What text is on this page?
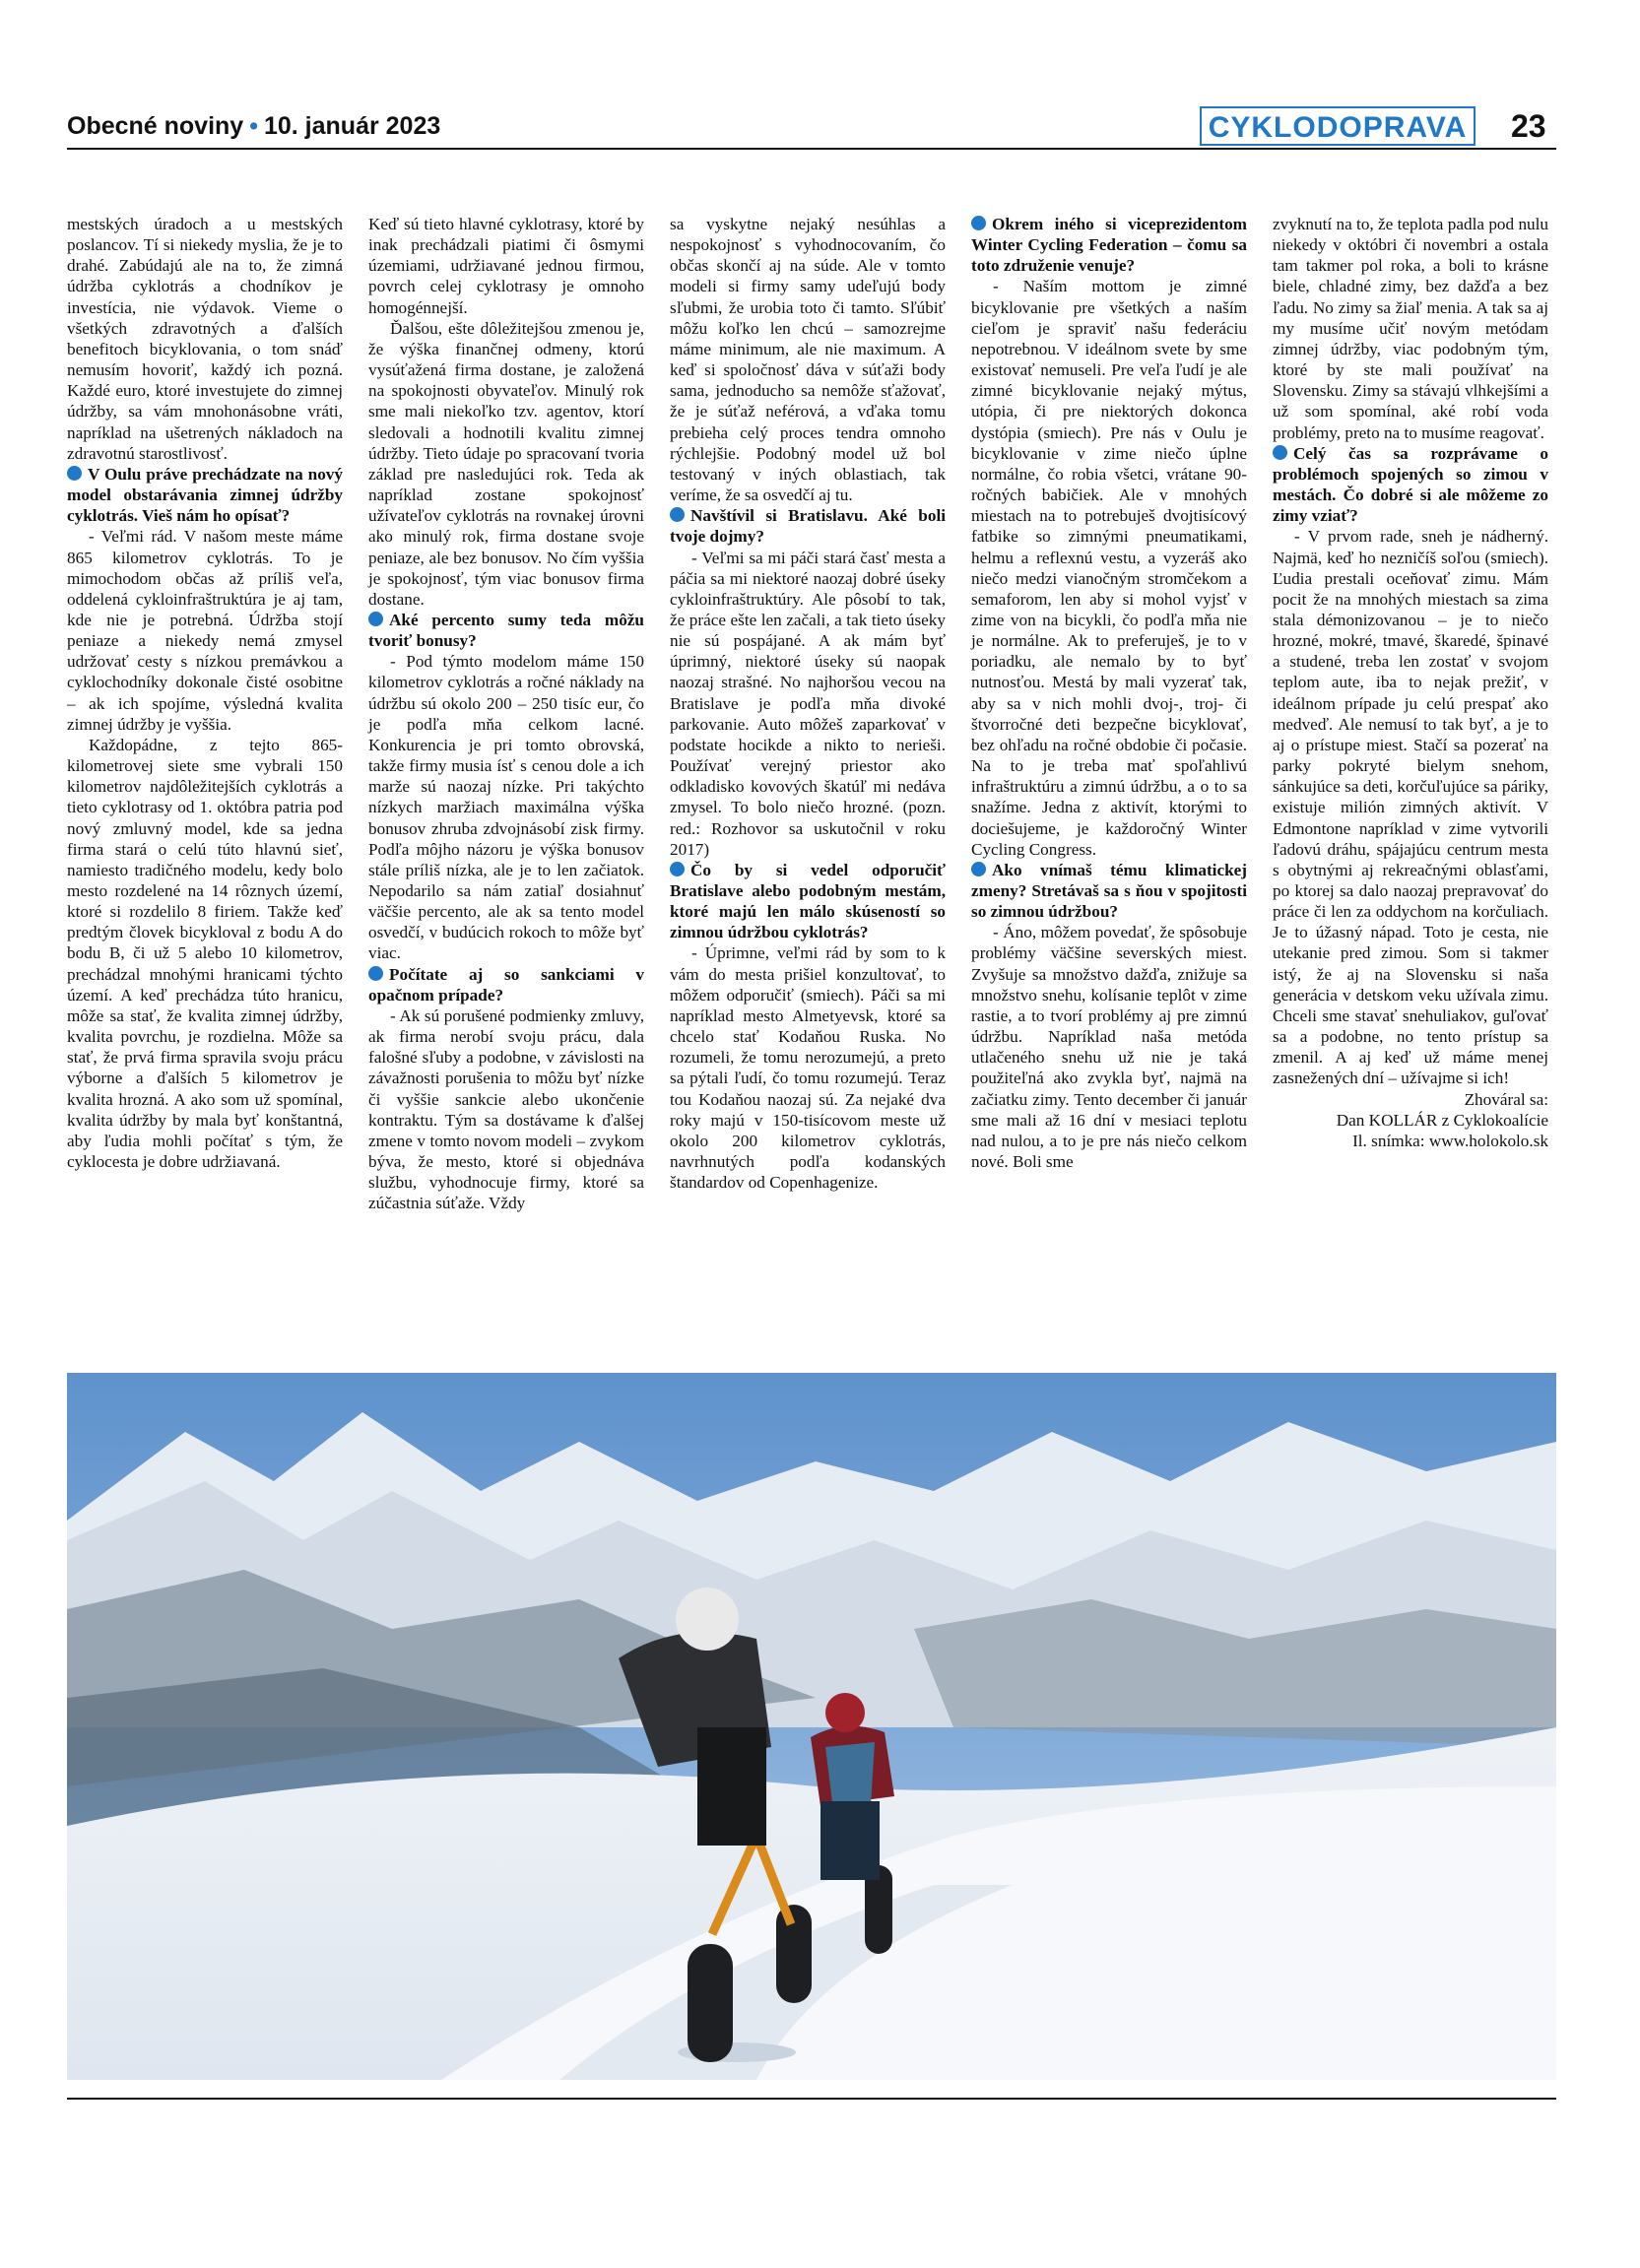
Obecné noviny • 10. január 2023	CYKLODOPRAVA 23

mestských úradoch a u mestských poslancov. Tí si niekedy myslia, že je to drahé. Zabúdajú ale na to, že zimná údržba cyklotrás a chodníkov je investícia, nie výdavok. Vieme o všetkých zdravotných a ďalších benefitoch bicyklovania, o tom snáď nemusím hovoriť, každý ich pozná. Každé euro, ktoré investujete do zimnej údržby, sa vám mnohonásobne vráti, napríklad na ušetrených nákladoch na zdravotnú starostlivosť.

V Oulu práve prechádzate na nový model obstarávania zimnej údržby cyklotrás. Vieš nám ho opísať?

- Veľmi rád. V našom meste máme 865 kilometrov cyklotrás. To je mimochodom občas až príliš veľa, oddelená cykloinfraštruktúra je aj tam, kde nie je potrebná. Údržba stojí peniaze a niekedy nemá zmysel udržovať cesty s nízkou premávkou a cyklochodníky dokonale čisté osobitne – ak ich spojíme, výsledná kvalita zimnej údržby je vyššia.

Každopádne, z tejto 865-kilometrovej siete sme vybrali 150 kilometrov najdôležitejších cyklotrás a tieto cyklotrasy od 1. októbra patria pod nový zmluvný model, kde sa jedna firma stará o celú túto hlavnú sieť, namiesto tradičného modelu, kedy bolo mesto rozdelené na 14 rôznych území, ktoré si rozdelilo 8 firiem. Takže keď predtým človek bicykloval z bodu A do bodu B, či už 5 alebo 10 kilometrov, prechádzal mnohými hranicami týchto území. A keď prechádza túto hranicu, môže sa stať, že kvalita zimnej údržby, kvalita povrchu, je rozdielna. Môže sa stať, že prvá firma spravila svoju prácu výborne a ďalších 5 kilometrov je kvalita hrozná. A ako som už spomínal, kvalita údržby by mala byť konštantná, aby ľudia mohli počítať s tým, že cyklocesta je dobre udržiavaná.

Keď sú tieto hlavné cyklotrasy, ktoré by inak prechádzali piatimi či ôsmymi územiami, udržiavané jednou firmou, povrch celej cyklotrasy je omnoho homogénnejší.

Ďalšou, ešte dôležitejšou zmenou je, že výška finančnej odmeny, ktorú vysúťažená firma dostane, je založená na spokojnosti obyvateľov. Minulý rok sme mali niekoľko tzv. agentov, ktorí sledovali a hodnotili kvalitu zimnej údržby. Tieto údaje po spracovaní tvoria základ pre nasledujúci rok. Teda ak napríklad zostane spokojnosť užívateľov cyklotrás na rovnakej úrovni ako minulý rok, firma dostane svoje peniaze, ale bez bonusov. No čím vyššia je spokojnosť, tým viac bonusov firma dostane.

Aké percento sumy teda môžu tvoriť bonusy?

- Pod týmto modelom máme 150 kilometrov cyklotrás a ročné náklady na údržbu sú okolo 200 – 250 tisíc eur, čo je podľa mňa celkom lacné. Konkurencia je pri tomto obrovská, takže firmy musia ísť s cenou dole a ich marže sú naozaj nízke. Pri takýchto nízkych maržiach maximálna výška bonusov zhruba zdvojnásobí zisk firmy. Podľa môjho názoru je výška bonusov stále príliš nízka, ale je to len začiatok. Nepodarilo sa nám zatiaľ dosiahnuť väčšie percento, ale ak sa tento model osvedčí, v budúcich rokoch to môže byť viac.

Počítate aj so sankciami v opačnom prípade?

- Ak sú porušené podmienky zmluvy, ak firma nerobí svoju prácu, dala falošné sľuby a podobne, v závislosti na závažnosti porušenia to môžu byť nízke či vyššie sankcie alebo ukončenie kontraktu. Tým sa dostávame k ďalšej zmene v tomto novom modeli – zvykom býva, že mesto, ktoré si objednáva službu, vyhodnocuje firmy, ktoré sa zúčastnia súťaže. Vždy

sa vyskytne nejaký nesúhlas a nespokojnosť s vyhodnocovaním, čo občas skončí aj na súde. Ale v tomto modeli si firmy samy udeľujú body sľubmi, že urobia toto či tamto. Sľúbiť môžu koľko len chcú – samozrejme máme minimum, ale nie maximum. A keď si spoločnosť dáva v súťaži body sama, jednoducho sa nemôže sťažovať, že je súťaž neférová, a vďaka tomu prebieha celý proces tendra omnoho rýchlejšie. Podobný model už bol testovaný v iných oblastiach, tak veríme, že sa osvedčí aj tu.

Navštívil si Bratislavu. Aké boli tvoje dojmy?

- Veľmi sa mi páči stará časť mesta a páčia sa mi niektoré naozaj dobré úseky cykloinfraštruktúry. Ale pôsobí to tak, že práce ešte len začali, a tak tieto úseky nie sú pospájané. A ak mám byť úprimný, niektoré úseky sú naopak naozaj strašné. No najhoršou vecou na Bratislave je podľa mňa divoké parkovanie. Auto môžeš zaparkovať v podstate hocikde a nikto to nerieši. Používať verejný priestor ako odkladisko kovových škatúľ mi nedáva zmysel. To bolo niečo hrozné. (pozn. red.: Rozhovor sa uskutočnil v roku 2017)

Čo by si vedel odporučiť Bratislave alebo podobným mestám, ktoré majú len málo skúseností so zimnou údržbou cyklotrás?

- Úprimne, veľmi rád by som to k vám do mesta prišiel konzultovať, to môžem odporučiť (smiech). Páči sa mi napríklad mesto Almetyevsk, ktoré sa chcelo stať Kodaňou Ruska. No rozumeli, že tomu nerozumejú, a preto sa pýtali ľudí, čo tomu rozumejú. Teraz tou Kodaňou naozaj sú. Za nejaké dva roky majú v 150-tisícovom meste už okolo 200 kilometrov cyklotrás, navrhnutých podľa kodanských štandardov od Copenhagenize.

Okrem iného si viceprezidentom Winter Cycling Federation – čomu sa toto združenie venuje?

- Naším mottom je zimné bicyklovanie pre všetkých a naším cieľom je spraviť našu federáciu nepotrebnou. V ideálnom svete by sme existovať nemuseli. Pre veľa ľudí je ale zimné bicyklovanie nejaký mýtus, utópia, či pre niektorých dokonca dystópia (smiech). Pre nás v Oulu je bicyklovanie v zime niečo úplne normálne, čo robia všetci, vrátane 90-ročných babičiek. Ale v mnohých miestach na to potrebuješ dvojtisícový fatbike so zimnými pneumatikami, helmu a reflexnú vestu, a vyzeráš ako niečo medzi vianočným stromčekom a semaforom, len aby si mohol vyjsť v zime von na bicykli, čo podľa mňa nie je normálne. Ak to preferuješ, je to v poriadku, ale nemalo by to byť nutnosťou. Mestá by mali vyzerať tak, aby sa v nich mohli dvoj-, troj- či štvorročné deti bezpečne bicyklovať, bez ohľadu na ročné obdobie či počasie. Na to je treba mať spoľahlivú infraštruktúru a zimnú údržbu, a o to sa snažíme. Jedna z aktivít, ktorými to dociešujeme, je každoročný Winter Cycling Congress.

Ako vnímaš tému klimatickej zmeny? Stretávaš sa s ňou v spojitosti so zimnou údržbou?

- Áno, môžem povedať, že spôsobuje problémy väčšine severských miest. Zvyšuje sa množstvo dažďa, znižuje sa množstvo snehu, kolísanie teplôt v zime rastie, a to tvorí problémy aj pre zimnú údržbu. Napríklad naša metóda utlačeného snehu už nie je taká použiteľná ako zvykla byť, najmä na začiatku zimy. Tento december či január sme mali až 16 dní v mesiaci teplotu nad nulou, a to je pre nás niečo celkom nové. Boli sme

zvyknutí na to, že teplota padla pod nulu niekedy v októbri či novembri a ostala tam takmer pol roka, a boli to krásne biele, chladné zimy, bez dažďa a bez ľadu. No zimy sa žiaľ menia. A tak sa aj my musíme učiť novým metódam zimnej údržby, viac podobným tým, ktoré by ste mali používať na Slovensku. Zimy sa stávajú vlhkejšími a už som spomínal, aké robí voda problémy, preto na to musíme reagovať.

Celý čas sa rozprávame o problémoch spojených so zimou v mestách. Čo dobré si ale môžeme zo zimy vziať?

- V prvom rade, sneh je nádherný. Najmä, keď ho nezničíš soľou (smiech). Ľudia prestali oceňovať zimu. Mám pocit že na mnohých miestach sa zima stala démonizovanou – je to niečo hrozné, mokré, tmavé, škaredé, špinavé a studené, treba len zostať v svojom teplom aute, iba to nejak prežiť, v ideálnom prípade ju celú prespať ako medveď. Ale nemusí to tak byť, a je to aj o prístupe miest. Stačí sa pozerať na parky pokryté bielym snehom, sánkujúce sa deti, korčuľujúce sa páriky, existuje milión zimných aktivít. V Edmontone napríklad v zime vytvorili ľadovú dráhu, spájajúcu centrum mesta s obytnými aj rekreačnými oblasťami, po ktorej sa dalo naozaj prepravovať do práce či len za oddychom na korčuliach. Je to úžasný nápad. Toto je cesta, nie utekanie pred zimou. Som si takmer istý, že aj na Slovensku si naša generácia v detskom veku užívala zimu. Chceli sme stavať snehuliakov, guľovať sa a podobne, no tento prístup sa zmenil. A aj keď už máme menej zasnežených dní – užívajme si ich!

Zhováral sa:

Dan KOLLÁR z Cyklokoalície

Il. snímka: www.holokolo.sk
